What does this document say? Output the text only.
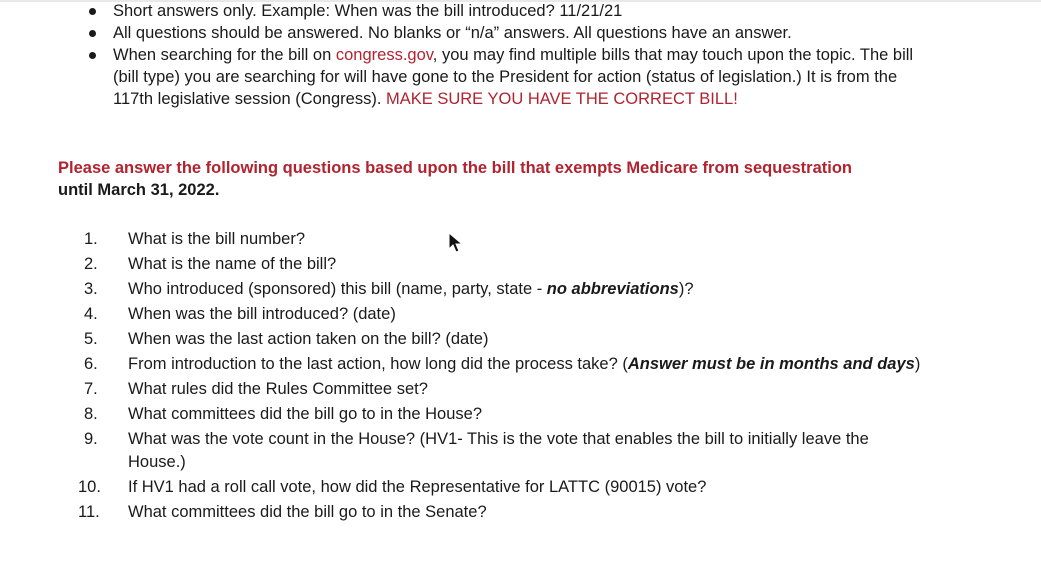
Short answers only. Example: When was the bill introduced? 11/21/21

All questions should be answered. No blanks or “n/a” answers. All questions have an answer.

When searching for the bill on congress.gov, you may find multiple bills that may touch upon the topic. The bill (bill type) you are searching for will have gone to the President for action (status of legislation.) It is from the 117th legislative session (Congress). MAKE SURE YOU HAVE THE CORRECT BILL!

Please answer the following questions based upon the bill that exempts Medicare from sequestration
until March 31, 2022.
1. What is the bill number?
2. What is the name of the bill?
3. Who introduced (sponsored) this bill (name, party, state - no abbreviations)?
4. When was the bill introduced? (date)
5. When was the last action taken on the bill? (date)
6. From introduction to the last action, how long did the process take? (Answer must be in months and days)
7. What rules did the Rules Committee set?
8. What committees did the bill go to in the House?
9. What was the vote count in the House? (HV1- This is the vote that enables the bill to initially leave the House.)
10. If HV1 had a roll call vote, how did the Representative for LATTC (90015) vote?
11. What committees did the bill go to in the Senate?
